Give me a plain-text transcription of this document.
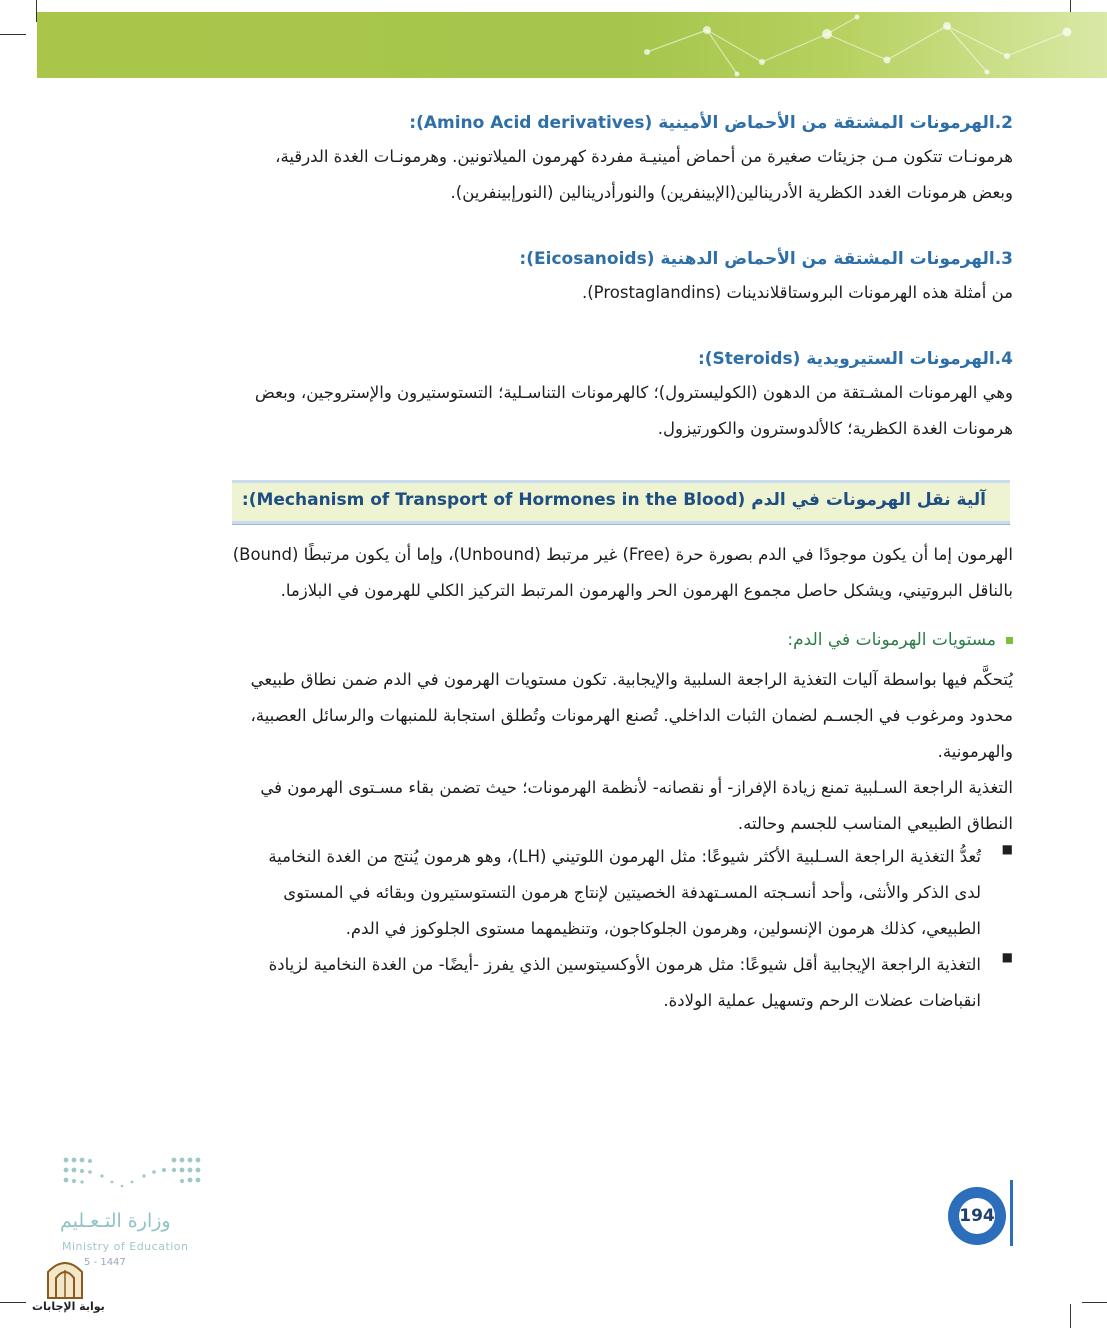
2.الهرمونات المشتقة من الأحماض الأمينية (Amino Acid derivatives):
هرمونـات تتكون مـن جزيئات صغيرة من أحماض أمينيـة مفردة كهرمون الميلاتونين. وهرمونـات الغدة الدرقية،
وبعض هرمونات الغدد الكظرية الأدرينالين(الإبينفرين) والنورأدرينالين (النورإبينفرين).
3.الهرمونات المشتقة من الأحماض الدهنية (Eicosanoids):
من أمثلة هذه الهرمونات البروستاقلاندينات (Prostaglandins).
4.الهرمونات الستيرويدية (Steroids):
وهي الهرمونات المشـتقة من الدهون (الكوليسترول)؛ كالهرمونات التناسـلية؛ التستوستيرون والإستروجين، وبعض
هرمونات الغدة الكظرية؛ كالألدوسترون والكورتيزول.
آلية نقل الهرمونات في الدم (Mechanism of Transport of Hormones in the Blood):
الهرمون إما أن يكون موجودًا في الدم بصورة حرة (Free) غير مرتبط (Unbound)، وإما أن يكون مرتبطًا (Bound)
بالناقل البروتيني، ويشكل حاصل مجموع الهرمون الحر والهرمون المرتبط التركيز الكلي للهرمون في البلازما.
مستويات الهرمونات في الدم:
يُتحكَّم فيها بواسطة آليات التغذية الراجعة السلبية والإيجابية. تكون مستويات الهرمون في الدم ضمن نطاق طبيعي
محدود ومرغوب في الجسـم لضمان الثبات الداخلي. تُصنع الهرمونات وتُطلق استجابة للمنبهات والرسائل العصبية،
والهرمونية.
التغذية الراجعة السـلبية تمنع زيادة الإفراز- أو نقصانه- لأنظمة الهرمونات؛ حيث تضمن بقاء مسـتوى الهرمون في
النطاق الطبيعي المناسب للجسم وحالته.
■
تُعدُّ التغذية الراجعة السـلبية الأكثر شيوعًا: مثل الهرمون اللوتيني (LH)، وهو هرمون يُنتج من الغدة النخامية
لدى الذكر والأنثى، وأحد أنسـجته المسـتهدفة الخصيتين لإنتاج هرمون التستوستيرون وبقائه في المستوى
الطبيعي، كذلك هرمون الإنسولين، وهرمون الجلوكاجون، وتنظيمهما مستوى الجلوكوز في الدم.
■
التغذية الراجعة الإيجابية أقل شيوعًا: مثل هرمون الأوكسيتوسين الذي يفرز -أيضًا- من الغدة النخامية لزيادة
انقباضات عضلات الرحم وتسهيل عملية الولادة.
194
وزارة التـعـليم
Ministry of Education
5 - 1447
بوابة الإجابات
